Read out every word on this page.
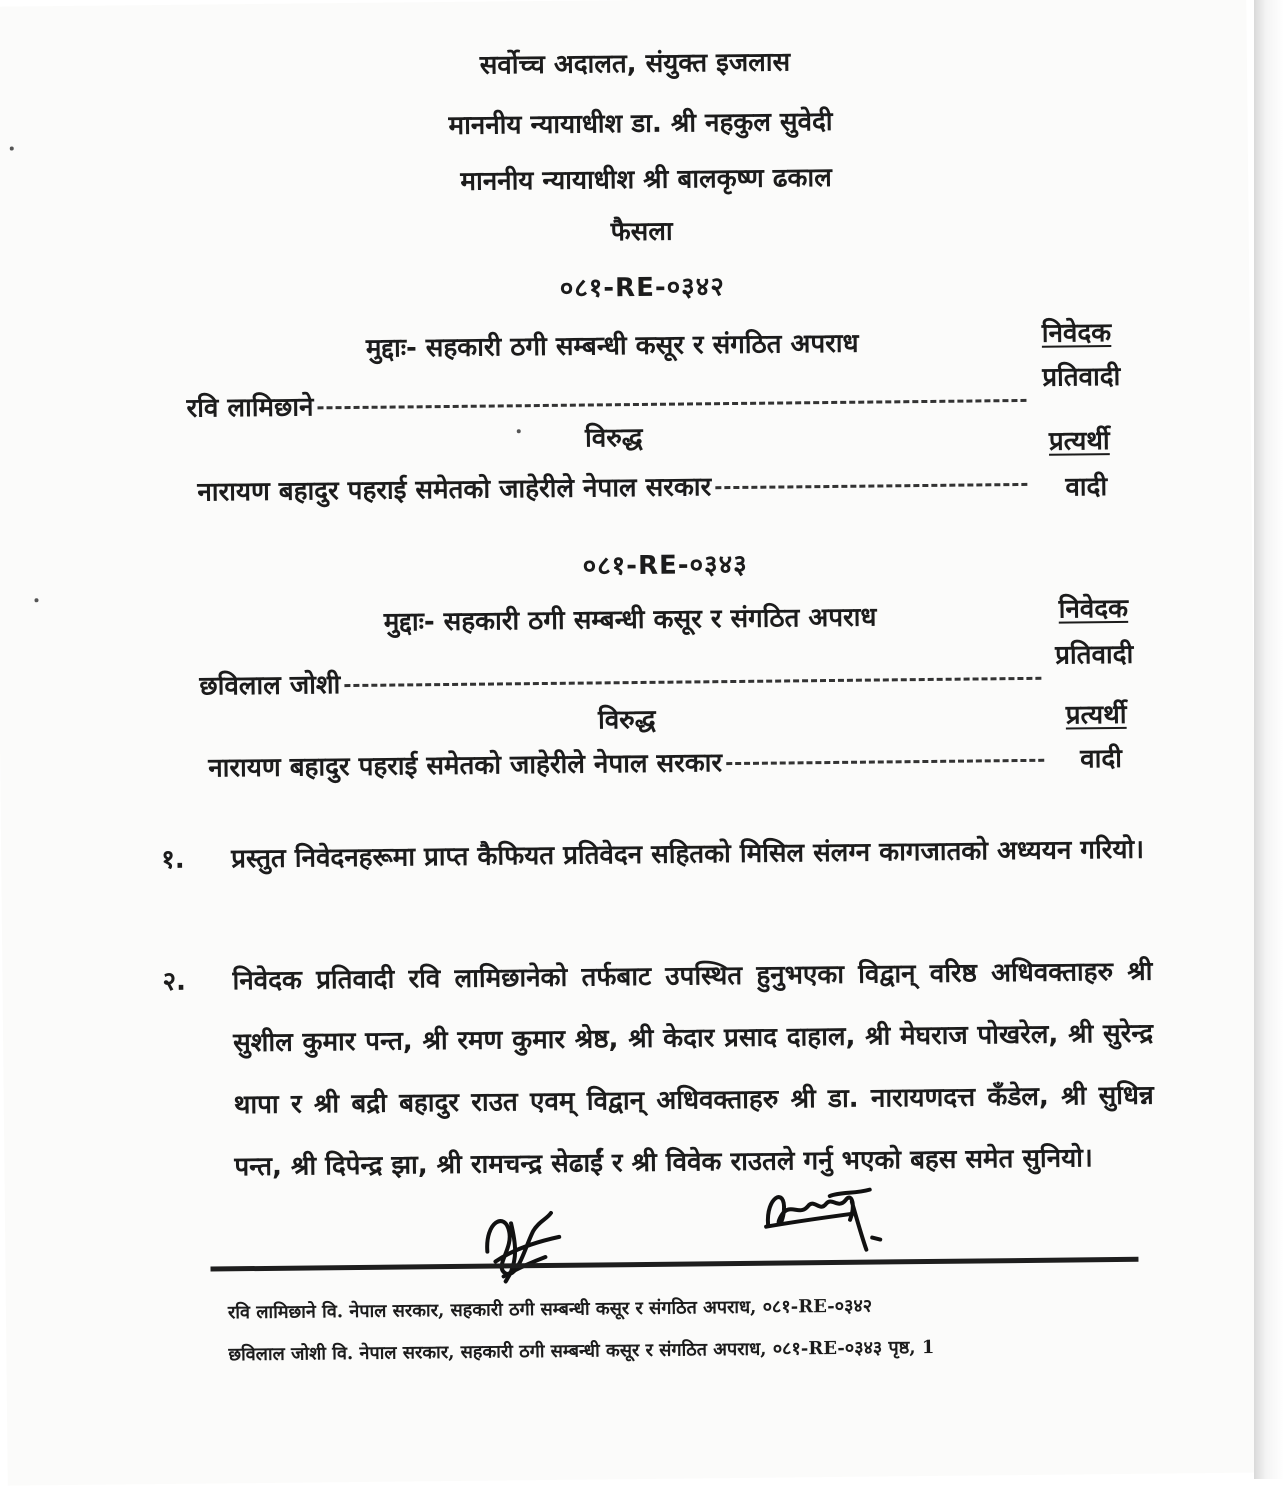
सर्वोच्च अदालत, संयुक्त इजलास
माननीय न्यायाधीश डा. श्री नहकुल सुवेदी
माननीय न्यायाधीश श्री बालकृष्ण ढकाल
फैसला
०८१-RE-०३४२
मुद्दाः- सहकारी ठगी सम्बन्धी कसूर र संगठित अपराध	निवेदक
प्रतिवादी
रवि लामिछाने
विरुद्ध	प्रत्यर्थी
नारायण बहादुर पहराई समेतको जाहेरीले नेपाल सरकार	वादी
०८१-RE-०३४३
मुद्दाः- सहकारी ठगी सम्बन्धी कसूर र संगठित अपराध	निवेदक
प्रतिवादी
छविलाल जोशी
विरुद्ध	प्रत्यर्थी
नारायण बहादुर पहराई समेतको जाहेरीले नेपाल सरकार	वादी
१.	प्रस्तुत निवेदनहरूमा प्राप्त कैफियत प्रतिवेदन सहितको मिसिल संलग्न कागजातको अध्ययन गरियो।
२.	निवेदक प्रतिवादी रवि लामिछानेको तर्फबाट उपस्थित हुनुभएका विद्वान् वरिष्ठ अधिवक्ताहरु श्री सुशील कुमार पन्त, श्री रमण कुमार श्रेष्ठ, श्री केदार प्रसाद दाहाल, श्री मेघराज पोखरेल, श्री सुरेन्द्र थापा र श्री बद्री बहादुर राउत एवम् विद्वान् अधिवक्ताहरु श्री डा. नारायणदत्त कँडेल, श्री सुधिन्न पन्त, श्री दिपेन्द्र झा, श्री रामचन्द्र सेढाईं र श्री विवेक राउतले गर्नु भएको बहस समेत सुनियो।
रवि लामिछाने वि. नेपाल सरकार, सहकारी ठगी सम्बन्धी कसूर र संगठित अपराध, ०८१-RE-०३४२
छविलाल जोशी वि. नेपाल सरकार, सहकारी ठगी सम्बन्धी कसूर र संगठित अपराध, ०८१-RE-०३४३ पृष्ठ, 1
